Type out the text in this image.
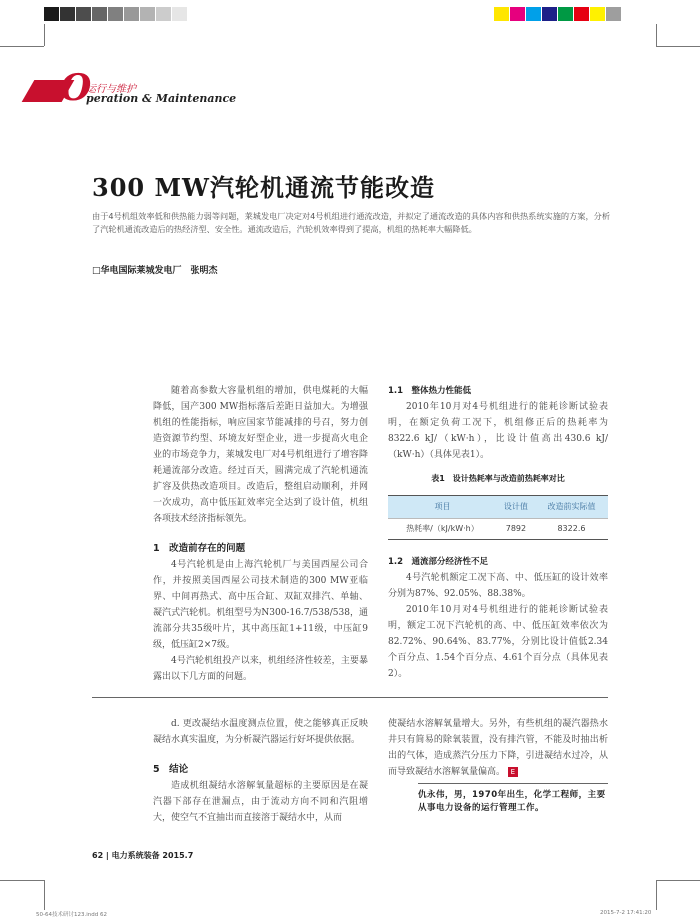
O
运行与维护
peration & Maintenance
300 MW汽轮机通流节能改造
由于4号机组效率低和供热能力弱等问题，莱城发电厂决定对4号机组进行通流改造，并拟定了通流改造的具体内容和供热系统实施的方案，分析了汽轮机通流改造后的热经济型、安全性。通流改造后，汽轮机效率得到了提高，机组的热耗率大幅降低。
□华电国际莱城发电厂　张明杰

随着高参数大容量机组的增加，供电煤耗的大幅降低，国产300 MW指标落后差距日益加大。为增强机组的性能指标，响应国家节能减排的号召，努力创造资源节约型、环境友好型企业，进一步提高火电企业的市场竞争力，莱城发电厂对4号机组进行了增容降耗通流部分改造。经过百天，圆满完成了汽轮机通流扩容及供热改造项目。改造后，整组启动顺利，并网一次成功，高中低压缸效率完全达到了设计值，机组各项技术经济指标领先。

1　改造前存在的问题

4号汽轮机是由上海汽轮机厂与美国西屋公司合作，并按照美国西屋公司技术制造的300 MW亚临界、中间再热式、高中压合缸、双缸双排汽、单轴、凝汽式汽轮机。机组型号为N300-16.7/538/538，通流部分共35级叶片，其中高压缸1+11级，中压缸9级，低压缸2×7级。

4号汽轮机组投产以来，机组经济性较差，主要暴露出以下几方面的问题。

1.1　整体热力性能低

2010年10月对4号机组进行的能耗诊断试验表明，在额定负荷工况下，机组修正后的热耗率为8322.6 kJ/（kW·h），比设计值高出430.6 kJ/（kW·h）（具体见表1）。

表1　设计热耗率与改造前热耗率对比
项目	设计值	改造前实际值
热耗率/（kJ/kW·h）	7892	8322.6
1.2　通流部分经济性不足

4号汽轮机额定工况下高、中、低压缸的设计效率分别为87%、92.05%、88.38%。

2010年10月对4号机组进行的能耗诊断试验表明，额定工况下汽轮机的高、中、低压缸效率依次为82.72%、90.64%、83.77%，分别比设计值低2.34个百分点、1.54个百分点、4.61个百分点（具体见表2）。

d. 更改凝结水温度测点位置，使之能够真正反映凝结水真实温度，为分析凝汽器运行好坏提供依据。

5　结论

造成机组凝结水溶解氧量超标的主要原因是在凝汽器下部存在泄漏点，由于流动方向不同和汽阻增大，使空气不宜抽出而直接溶于凝结水中，从而

使凝结水溶解氧量增大。另外，有些机组的凝汽器热水井只有简易的除氧装置，没有排汽管，不能及时抽出析出的气体，造成蒸汽分压力下降，引进凝结水过冷，从而导致凝结水溶解氧量偏高。 E

仇永伟，男，1970年出生，化学工程师，主要从事电力设备的运行管理工作。
62 | 电力系统装备 2015.7
50-64技术研讨123.indd 62	2015-7-2 17:41:20
